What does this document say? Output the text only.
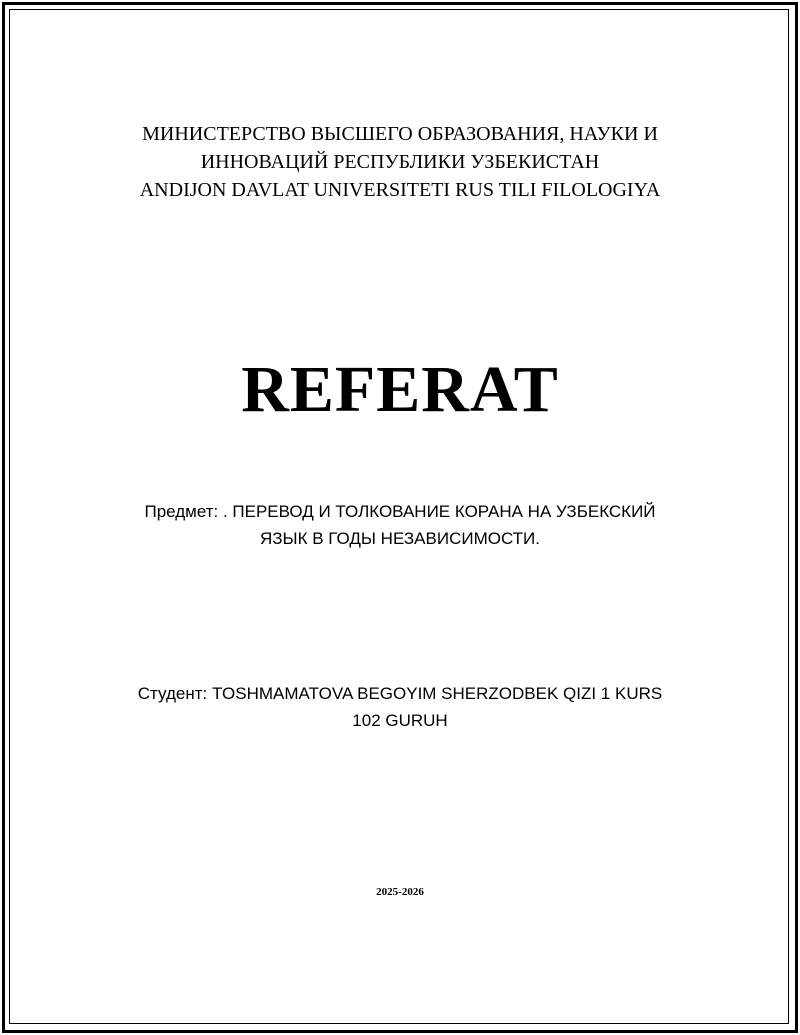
МИНИСТЕРСТВО ВЫСШЕГО ОБРАЗОВАНИЯ, НАУКИ И
ИННОВАЦИЙ РЕСПУБЛИКИ УЗБЕКИСТАН
ANDIJON DAVLAT UNIVERSITETI RUS TILI FILOLOGIYA
REFERAT
Предмет: . ПЕРЕВОД И ТОЛКОВАНИЕ КОРАНА НА УЗБЕКСКИЙ
ЯЗЫК В ГОДЫ НЕЗАВИСИМОСТИ.
Студент: TOSHMAMATOVA BEGOYIM SHERZODBEK QIZI 1 KURS
102 GURUH
2025-2026
